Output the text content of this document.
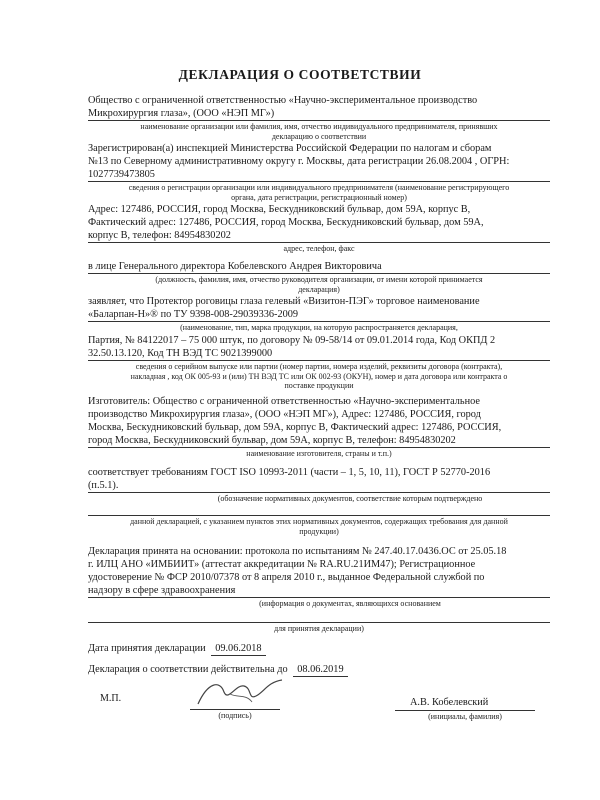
ДЕКЛАРАЦИЯ О СООТВЕТСТВИИ
Общество с ограниченной ответственностью «Научно-экспериментальное производство
Микрохирургия глаза», (ООО «НЭП МГ»)
наименование организации или фамилия, имя, отчество индивидуального предпринимателя, принявших
декларацию о соответствии
Зарегистрирован(а) инспекцией Министерства Российской Федерации по налогам и сборам
№13 по Северному административному округу г. Москвы, дата регистрации 26.08.2004 , ОГРН:
1027739473805
сведения о регистрации организации или индивидуального предпринимателя (наименование регистрирующего
органа, дата регистрации, регистрационный номер)
Адрес: 127486, РОССИЯ, город Москва, Бескудниковский бульвар, дом 59А, корпус В,
Фактический адрес: 127486, РОССИЯ, город Москва, Бескудниковский бульвар, дом 59А,
корпус В, телефон: 84954830202
адрес, телефон, факс
в лице Генерального директора Кобелевского Андрея Викторовича
(должность, фамилия, имя, отчество руководителя организации, от имени которой принимается
декларация)
заявляет, что Протектор роговицы глаза гелевый «Визитон-ПЭГ» торговое наименование
«Баларпан-Н»® по ТУ 9398-008-29039336-2009
(наименование, тип, марка продукции, на которую распространяется декларация,
Партия, № 84122017 – 75 000 штук, по договору № 09-58/14 от 09.01.2014 года, Код ОКПД 2
32.50.13.120, Код ТН ВЭД ТС 9021399000
сведения о серийном выпуске или партии (номер партии, номера изделий, реквизиты договора (контракта),
накладная , код ОК 005-93 и (или) ТН ВЭД ТС или ОК 002-93 (ОКУН), номер и дата договора или контракта о
поставке продукции
Изготовитель: Общество с ограниченной ответственностью «Научно-экспериментальное
производство Микрохирургия глаза», (ООО «НЭП МГ»), Адрес: 127486, РОССИЯ, город
Москва, Бескудниковский бульвар, дом 59А, корпус В, Фактический адрес: 127486, РОССИЯ,
город Москва, Бескудниковский бульвар, дом 59А, корпус В, телефон: 84954830202
наименование изготовителя, страны и т.п.)
соответствует требованиям ГОСТ ISO 10993-2011 (части – 1, 5, 10, 11), ГОСТ Р 52770-2016
(п.5.1).
(обозначение нормативных документов, соответствие которым подтверждено
данной декларацией, с указанием пунктов этих нормативных документов, содержащих требования для данной
продукции)
Декларация принята на основании: протокола по испытаниям № 247.40.17.0436.ОС от 25.05.18
г. ИЛЦ АНО «ИМБИИТ» (аттестат аккредитации № RA.RU.21ИМ47); Регистрационное
удостоверение № ФСР 2010/07378 от 8 апреля 2010 г., выданное Федеральной службой по
надзору в сфере здравоохранения
(информация о документах, являющихся основанием
для принятия декларации)
Дата принятия декларации 09.06.2018
Декларация о соответствии действительна до 08.06.2019
М.П.
(подпись)
А.В. Кобелевский
(инициалы, фамилия)
